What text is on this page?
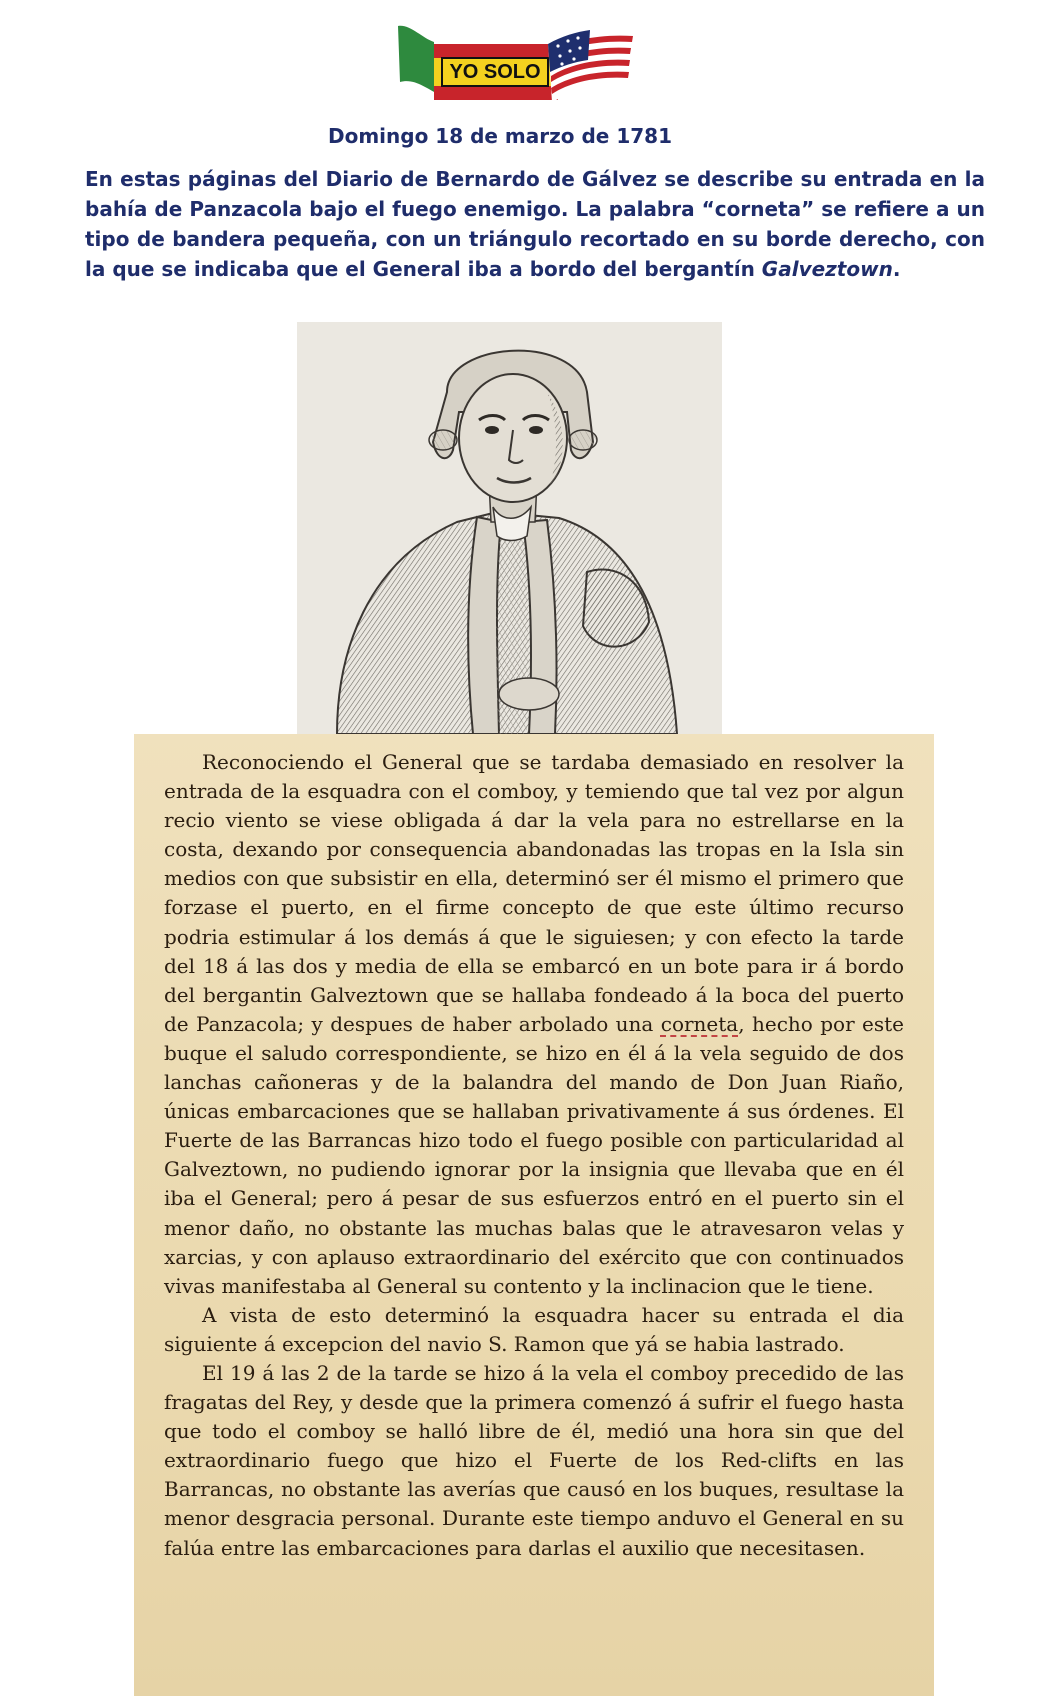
YO SOLO
Domingo 18 de marzo de 1781
En estas páginas del Diario de Bernardo de Gálvez se describe su entrada en la bahía de Panzacola bajo el fuego enemigo. La palabra “corneta” se refiere a un tipo de bandera pequeña, con un triángulo recortado en su borde derecho, con la que se indicaba que el General iba a bordo del bergantín Galveztown.

Reconociendo el General que se tardaba demasiado en resolver la entrada de la esquadra con el comboy, y temiendo que tal vez por algun recio viento se viese obligada á dar la vela para no estrellarse en la costa, dexando por consequencia abandonadas las tropas en la Isla sin medios con que subsistir en ella, determinó ser él mismo el primero que forzase el puerto, en el firme concepto de que este último recurso podria estimular á los demás á que le siguiesen; y con efecto la tarde del 18 á las dos y media de ella se embarcó en un bote para ir á bordo del bergantin Galveztown que se hallaba fondeado á la boca del puerto de Panzacola; y despues de haber arbolado una corneta, hecho por este buque el saludo correspondiente, se hizo en él á la vela seguido de dos lanchas cañoneras y de la balandra del mando de Don Juan Riaño, únicas embarcaciones que se hallaban privativamente á sus órdenes. El Fuerte de las Barrancas hizo todo el fuego posible con particularidad al Galveztown, no pudiendo ignorar por la insignia que llevaba que en él iba el General; pero á pesar de sus esfuerzos entró en el puerto sin el menor daño, no obstante las muchas balas que le atravesaron velas y xarcias, y con aplauso extraordinario del exército que con continuados vivas manifestaba al General su contento y la inclinacion que le tiene.

A vista de esto determinó la esquadra hacer su entrada el dia siguiente á excepcion del navio S. Ramon que yá se habia lastrado.

El 19 á las 2 de la tarde se hizo á la vela el comboy precedido de las fragatas del Rey, y desde que la primera comenzó á sufrir el fuego hasta que todo el comboy se halló libre de él, medió una hora sin que del extraordinario fuego que hizo el Fuerte de los Red-clifts en las Barrancas, no obstante las averías que causó en los buques, resultase la menor desgracia personal. Durante este tiempo anduvo el General en su falúa entre las embarcaciones para darlas el auxilio que necesitasen.
